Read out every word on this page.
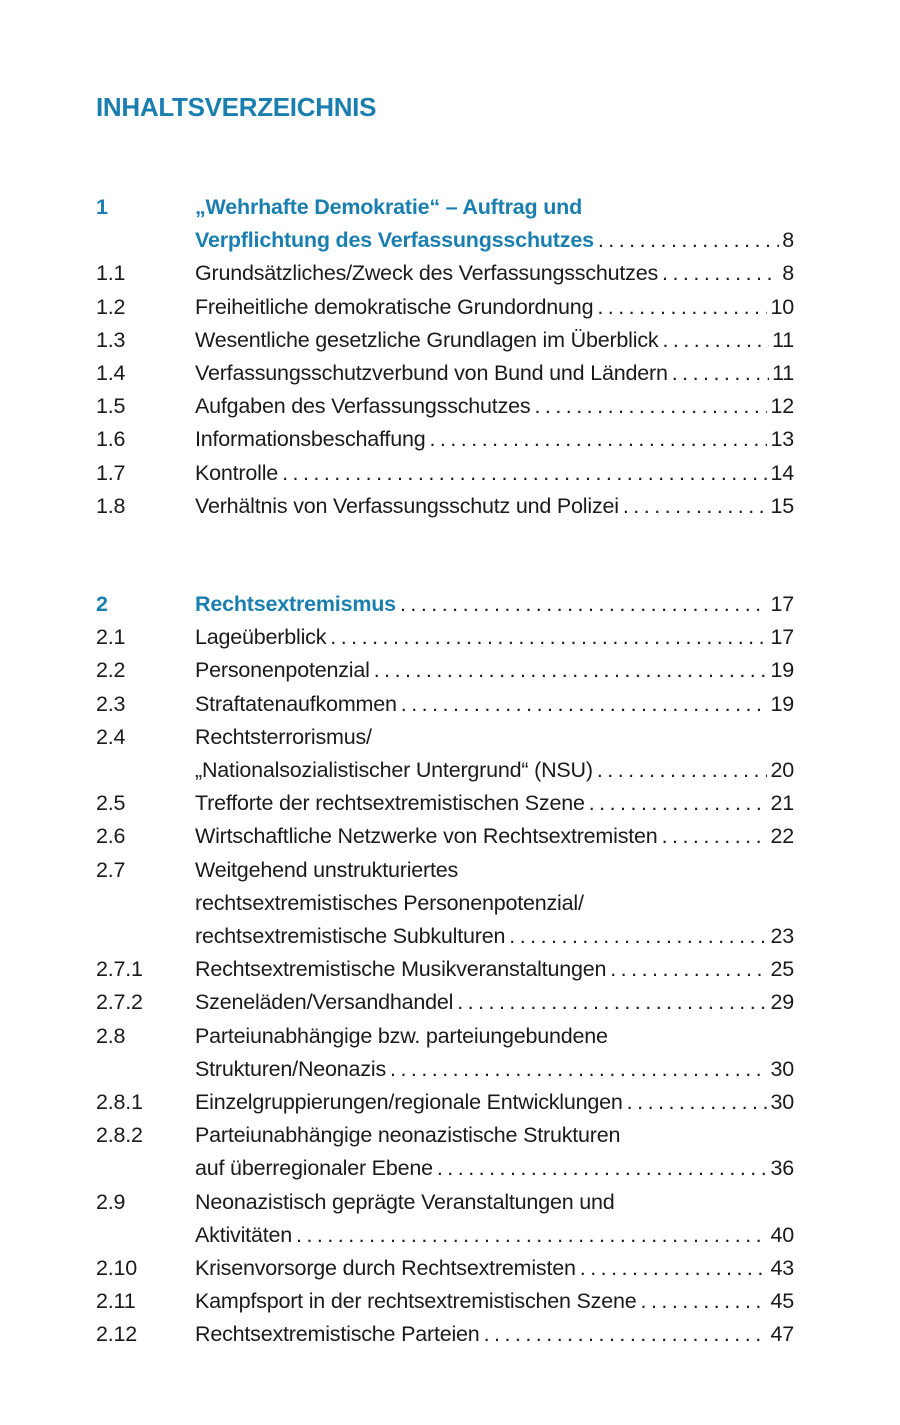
INHALTSVERZEICHNIS
1	„Wehrhafte Demokratie“ – Auftrag und
Verpflichtung des Verfassungsschutzes . . .	8
1.1	Grundsätzliches/Zweck des Verfassungsschutzes . . .	8
1.2	Freiheitliche demokratische Grundordnung . . .	10
1.3	Wesentliche gesetzliche Grundlagen im Überblick . . .	11
1.4	Verfassungsschutzverbund von Bund und Ländern . . .	11
1.5	Aufgaben des Verfassungsschutzes . . .	12
1.6	Informationsbeschaffung . . .	13
1.7	Kontrolle . . .	14
1.8	Verhältnis von Verfassungsschutz und Polizei . . .	15
2	Rechtsextremismus . . .	17
2.1	Lageüberblick . . .	17
2.2	Personenpotenzial . . .	19
2.3	Straftatenaufkommen . . .	19
2.4	Rechtsterrorismus/
„Nationalsozialistischer Untergrund“ (NSU) . . .	20
2.5	Trefforte der rechtsextremistischen Szene . . .	21
2.6	Wirtschaftliche Netzwerke von Rechtsextremisten . . .	22
2.7	Weitgehend unstrukturiertes
rechtsextremistisches Personenpotenzial/
rechtsextremistische Subkulturen . . .	23
2.7.1	Rechtsextremistische Musikveranstaltungen . . .	25
2.7.2	Szeneläden/Versandhandel . . .	29
2.8	Parteiunabhängige bzw. parteiungebundene
Strukturen/Neonazis . . .	30
2.8.1	Einzelgruppierungen/regionale Entwicklungen . . .	30
2.8.2	Parteiunabhängige neonazistische Strukturen
auf überregionaler Ebene . . .	36
2.9	Neonazistisch geprägte Veranstaltungen und
Aktivitäten . . .	40
2.10	Krisenvorsorge durch Rechtsextremisten . . .	43
2.11	Kampfsport in der rechtsextremistischen Szene . . .	45
2.12	Rechtsextremistische Parteien . . .	47
